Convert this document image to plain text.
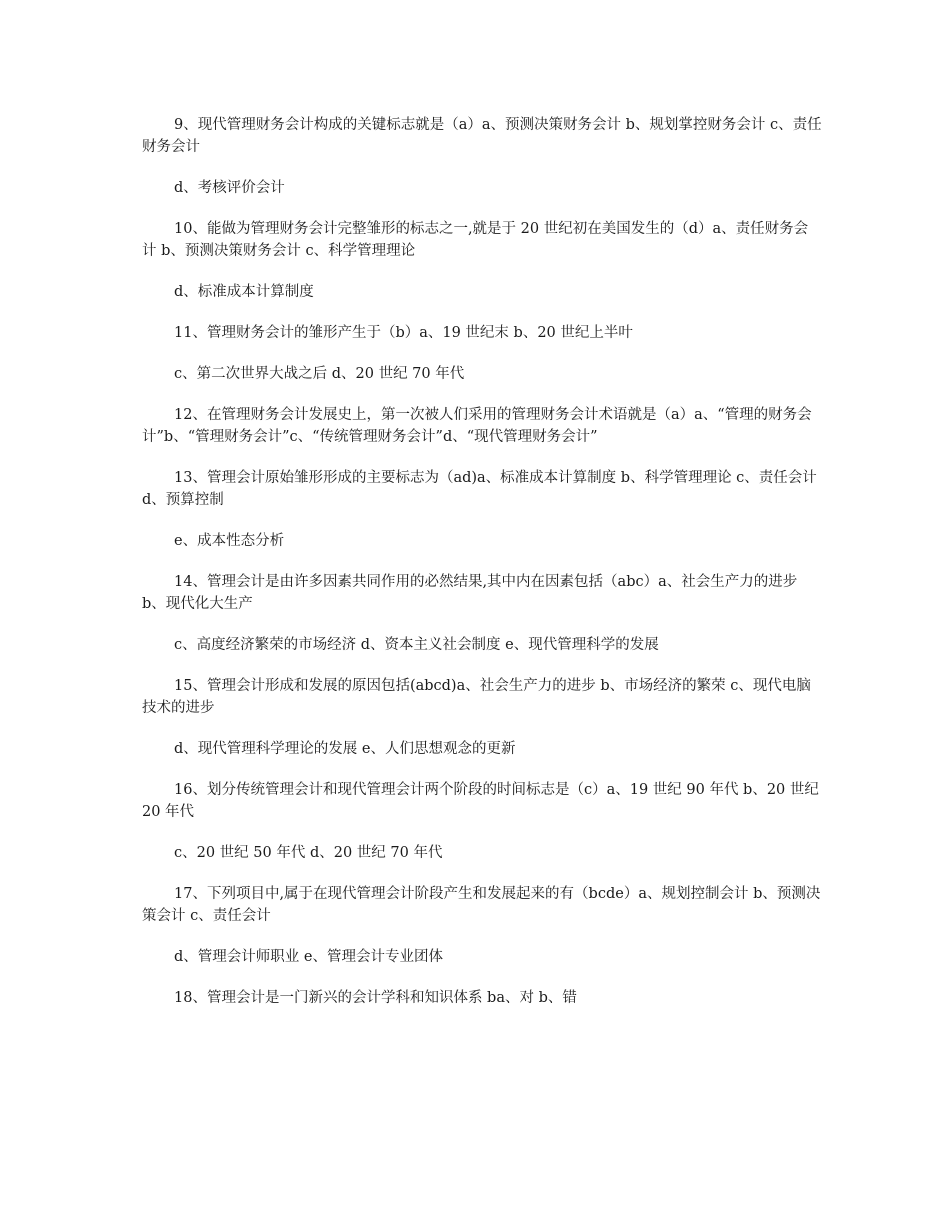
9、现代管理财务会计构成的关键标志就是（a）a、预测决策财务会计 b、规划掌控财务会计 c、责任财务会计

d、考核评价会计

10、能做为管理财务会计完整雏形的标志之一,就是于 20 世纪初在美国发生的（d）a、责任财务会计 b、预测决策财务会计 c、科学管理理论

d、标准成本计算制度

11、管理财务会计的雏形产生于（b）a、19 世纪末 b、20 世纪上半叶

c、第二次世界大战之后 d、20 世纪 70 年代

12、在管理财务会计发展史上，第一次被人们采用的管理财务会计术语就是（a）a、“管理的财务会计”b、“管理财务会计”c、“传统管理财务会计”d、“现代管理财务会计”

13、管理会计原始雏形形成的主要标志为（ad)a、标准成本计算制度 b、科学管理理论 c、责任会计 d、预算控制

e、成本性态分析

14、管理会计是由许多因素共同作用的必然结果,其中内在因素包括（abc）a、社会生产力的进步 b、现代化大生产

c、高度经济繁荣的市场经济 d、资本主义社会制度 e、现代管理科学的发展

15、管理会计形成和发展的原因包括(abcd)a、社会生产力的进步 b、市场经济的繁荣 c、现代电脑技术的进步

d、现代管理科学理论的发展 e、人们思想观念的更新

16、划分传统管理会计和现代管理会计两个阶段的时间标志是（c）a、19 世纪 90 年代 b、20 世纪 20 年代

c、20 世纪 50 年代 d、20 世纪 70 年代

17、下列项目中,属于在现代管理会计阶段产生和发展起来的有（bcde）a、规划控制会计 b、预测决策会计 c、责任会计

d、管理会计师职业 e、管理会计专业团体

18、管理会计是一门新兴的会计学科和知识体系 ba、对 b、错
